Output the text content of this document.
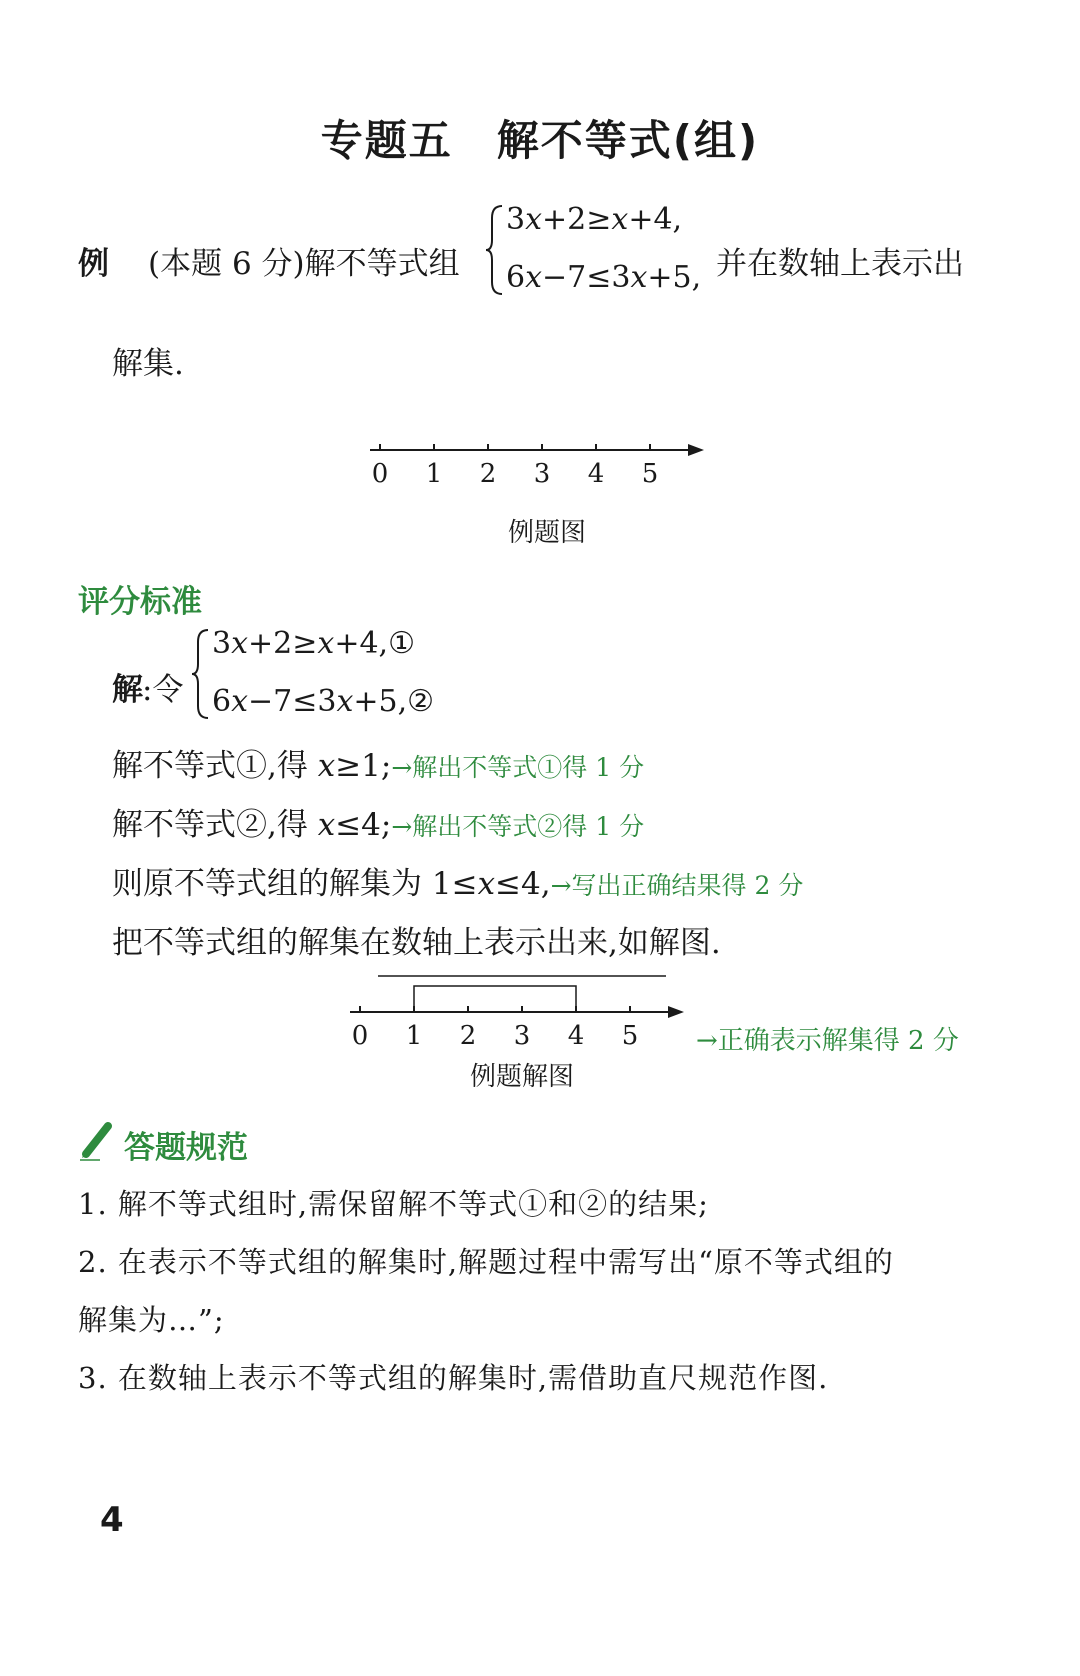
专题五 解不等式(组)
例 (本题 6 分)解不等式组
3x+2≥x+4,
6x−7≤3x+5, 并在数轴上表示出
解集.
0 1 2 3 4 5
例题图
评分标准
解 :令
3x+2≥x+4,①
6x−7≤3x+5,②
解不等式①,得 x≥1;→解出不等式①得 1 分
解不等式②,得 x≤4;→解出不等式②得 1 分
则原不等式组的解集为 1≤x≤4,→写出正确结果得 2 分
把不等式组的解集在数轴上表示出来,如解图.
0 1 2 3 4 5 →正确表示解集得 2 分
例题解图
答题规范
1. 解不等式组时,需保留解不等式①和②的结果;
2. 在表示不等式组的解集时,解题过程中需写出“原不等式组的
解集为…”;
3. 在数轴上表示不等式组的解集时,需借助直尺规范作图.
4
